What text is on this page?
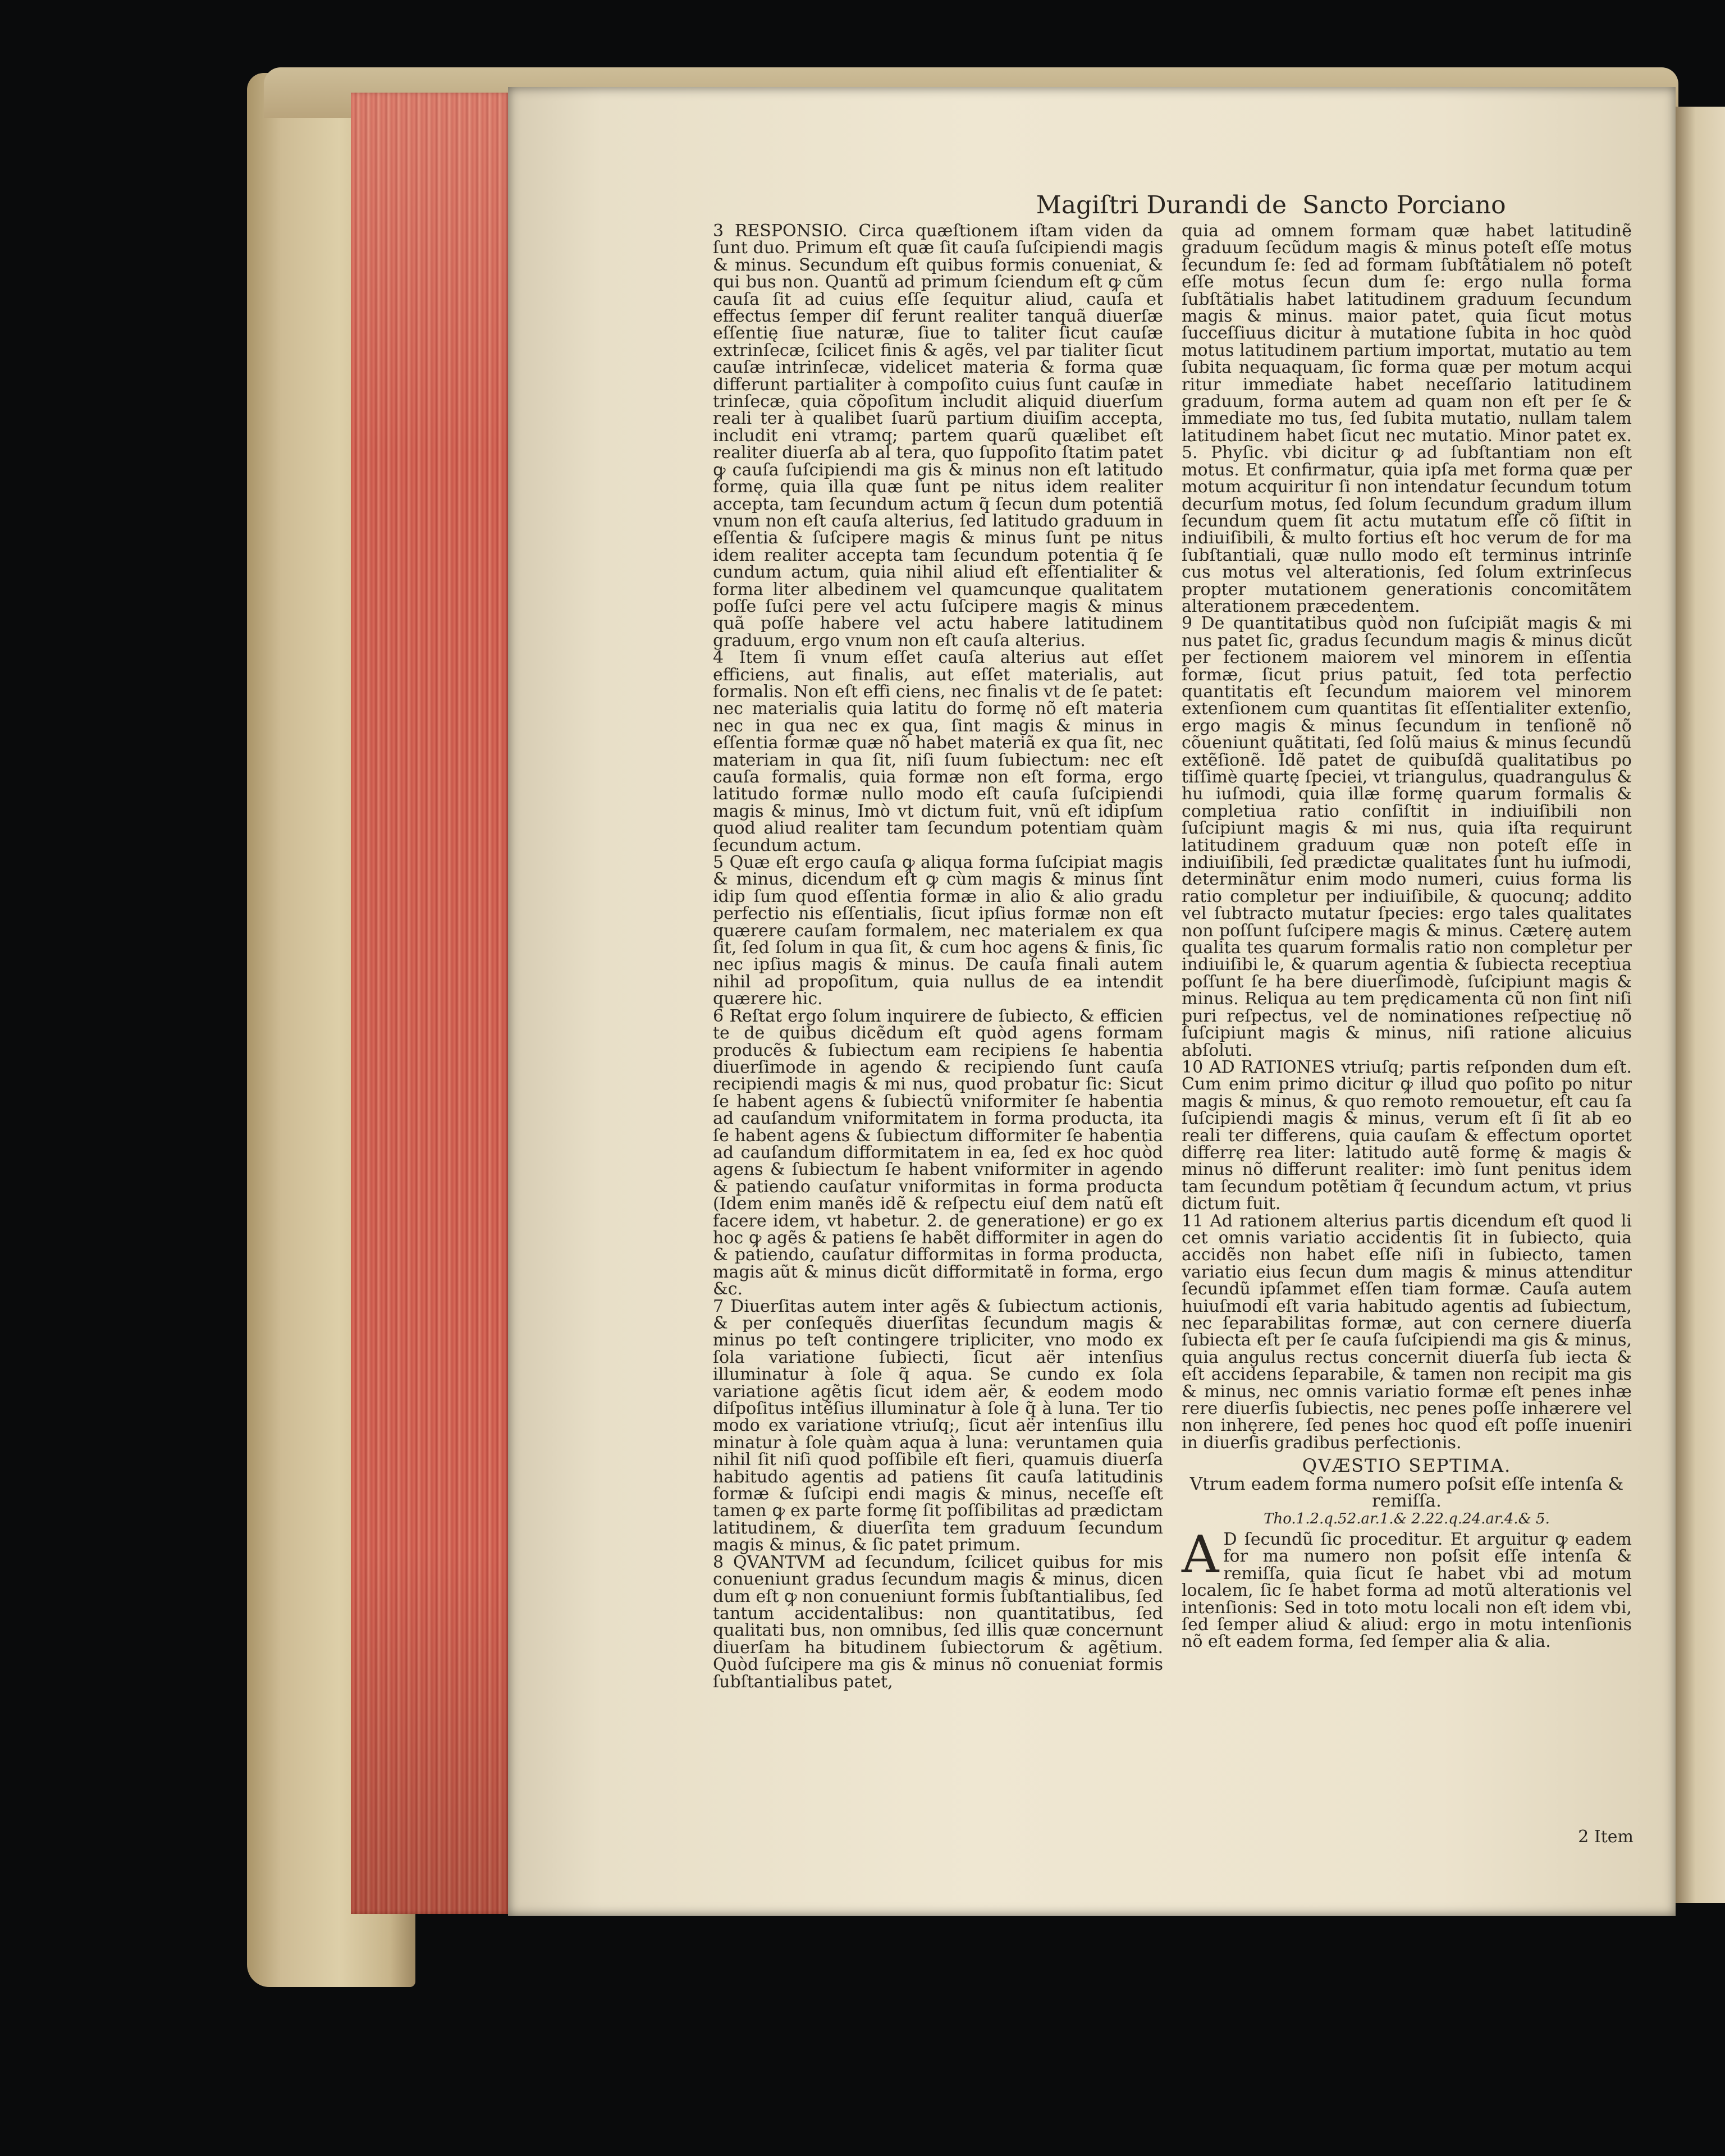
Magiſtri Durandi de Sancto Porciano

3 RESPONSIO. Circa quæſtionem iſtam viden da ſunt duo. Primum eſt quæ ſit cauſa ſuſcipiendi magis & minus. Secundum eſt quibus formis conueniat, & qui bus non. Quantũ ad primum ſciendum eſt ꝙ cũm cauſa ſit ad cuius eſſe ſequitur aliud, cauſa et effectus ſemper diſ ferunt realiter tanquã diuerſæ eſſentię ſiue naturæ, ſiue to taliter ſicut cauſæ extrinſecæ, ſcilicet finis & agẽs, vel par tialiter ſicut cauſæ intrinſecæ, videlicet materia & forma quæ differunt partialiter à compoſito cuius ſunt cauſæ in trinſecæ, quia cõpoſitum includit aliquid diuerſum reali ter à qualibet ſuarũ partium diuiſim accepta, includit eni vtramq; partem quarũ quælibet eſt realiter diuerſa ab al tera, quo ſuppoſito ſtatim patet ꝙ cauſa ſuſcipiendi ma gis & minus non eſt latitudo formę, quia illa quæ ſunt pe nitus idem realiter accepta, tam ſecundum actum q̃ ſecun dum potentiã vnum non eſt cauſa alterius, ſed latitudo graduum in eſſentia & ſuſcipere magis & minus ſunt pe nitus idem realiter accepta tam ſecundum potentia q̃ ſe cundum actum, quia nihil aliud eſt eſſentialiter & forma liter albedinem vel quamcunque qualitatem poſſe ſuſci pere vel actu ſuſcipere magis & minus quã poſſe habere vel actu habere latitudinem graduum, ergo vnum non eſt cauſa alterius.

4 Item ſi vnum eſſet cauſa alterius aut eſſet efficiens, aut finalis, aut eſſet materialis, aut formalis. Non eſt effi ciens, nec finalis vt de ſe patet: nec materialis quia latitu do formę nõ eſt materia nec in qua nec ex qua, ſint magis & minus in eſſentia formæ quæ nõ habet materiã ex qua ſit, nec materiam in qua ſit, niſi ſuum ſubiectum: nec eſt cauſa formalis, quia formæ non eſt forma, ergo latitudo formæ nullo modo eſt cauſa ſuſcipiendi magis & minus, Imò vt dictum fuit, vnũ eſt idipſum quod aliud realiter tam ſecundum potentiam quàm ſecundum actum.

5 Quæ eſt ergo cauſa ꝙ aliqua forma ſuſcipiat magis & minus, dicendum eſt ꝙ cùm magis & minus ſint idip ſum quod eſſentia formæ in alio & alio gradu perfectio nis eſſentialis, ſicut ipſius formæ non eſt quærere cauſam formalem, nec materialem ex qua ſit, ſed ſolum in qua ſit, & cum hoc agens & finis, ſic nec ipſius magis & minus. De cauſa finali autem nihil ad propoſitum, quia nullus de ea intendit quærere hic.

6 Reſtat ergo ſolum inquirere de ſubiecto, & efficien te de quibus dicẽdum eſt quòd agens formam producẽs & ſubiectum eam recipiens ſe habentia diuerſimode in agendo & recipiendo ſunt cauſa recipiendi magis & mi nus, quod probatur ſic: Sicut ſe habent agens & ſubiectũ vniformiter ſe habentia ad cauſandum vniformitatem in forma producta, ita ſe habent agens & ſubiectum difformiter ſe habentia ad cauſandum difformitatem in ea, ſed ex hoc quòd agens & ſubiectum ſe habent vniformiter in agendo & patiendo cauſatur vniformitas in forma producta (Idem enim manẽs idẽ & reſpectu eiuſ dem natũ eſt facere idem, vt habetur. 2. de generatione) er go ex hoc ꝙ agẽs & patiens ſe habẽt difformiter in agen do & patiendo, cauſatur difformitas in forma producta, magis aũt & minus dicũt difformitatẽ in forma, ergo &c.

7 Diuerſitas autem inter agẽs & ſubiectum actionis, & per conſequẽs diuerſitas ſecundum magis & minus po teſt contingere tripliciter, vno modo ex ſola variatione ſubiecti, ſicut aër intenſius illuminatur à ſole q̃ aqua. Se cundo ex ſola variatione agẽtis ſicut idem aër, & eodem modo diſpoſitus intẽſius illuminatur à ſole q̃ à luna. Ter tio modo ex variatione vtriuſq;, ſicut aër intenſius illu minatur à ſole quàm aqua à luna: veruntamen quia nihil ſit niſi quod poſſibile eſt fieri, quamuis diuerſa habitudo agentis ad patiens ſit cauſa latitudinis formæ & ſuſcipi endi magis & minus, neceſſe eſt tamen ꝙ ex parte formę ſit poſſibilitas ad prædictam latitudinem, & diuerſita tem graduum ſecundum magis & minus, & ſic patet primum.

8 QVANTVM ad ſecundum, ſcilicet quibus for mis conueniunt gradus ſecundum magis & minus, dicen dum eſt ꝙ non conueniunt formis ſubſtantialibus, ſed tantum accidentalibus: non quantitatibus, ſed qualitati bus, non omnibus, ſed illis quæ concernunt diuerſam ha bitudinem ſubiectorum & agẽtium. Quòd ſuſcipere ma gis & minus nõ conueniat formis ſubſtantialibus patet,

quia ad omnem formam quæ habet latitudinẽ graduum ſecũdum magis & minus poteſt eſſe motus ſecundum ſe: ſed ad formam ſubſtãtialem nõ poteſt eſſe motus ſecun dum ſe: ergo nulla forma ſubſtãtialis habet latitudinem graduum ſecundum magis & minus. maior patet, quia ſicut motus ſucceſſiuus dicitur à mutatione ſubita in hoc quòd motus latitudinem partium importat, mutatio au tem ſubita nequaquam, ſic forma quæ per motum acqui ritur immediate habet neceſſario latitudinem graduum, forma autem ad quam non eſt per ſe & immediate mo tus, ſed ſubita mutatio, nullam talem latitudinem habet ſicut nec mutatio. Minor patet ex. 5. Phyſic. vbi dicitur ꝙ ad ſubſtantiam non eſt motus. Et confirmatur, quia ipſa met forma quæ per motum acquiritur ſi non intendatur ſecundum totum decurſum motus, ſed ſolum ſecundum gradum illum ſecundum quem ſit actu mutatum eſſe cõ ſiſtit in indiuiſibili, & multo fortius eſt hoc verum de for ma ſubſtantiali, quæ nullo modo eſt terminus intrinſe cus motus vel alterationis, ſed ſolum extrinſecus propter mutationem generationis concomitãtem alterationem præcedentem.

9 De quantitatibus quòd non ſuſcipiãt magis & mi nus patet ſic, gradus ſecundum magis & minus dicũt per fectionem maiorem vel minorem in eſſentia formæ, ſicut prius patuit, ſed tota perfectio quantitatis eſt ſecundum maiorem vel minorem extenſionem cum quantitas ſit eſſentialiter extenſio, ergo magis & minus ſecundum in tenſionẽ nõ cõueniunt quãtitati, ſed ſolũ maius & minus ſecundũ extẽſionẽ. Idẽ patet de quibuſdã qualitatibus po tiſſimè quartę ſpeciei, vt triangulus, quadrangulus & hu iuſmodi, quia illæ formę quarum formalis & completiua ratio conſiſtit in indiuiſibili non ſuſcipiunt magis & mi nus, quia iſta requirunt latitudinem graduum quæ non poteſt eſſe in indiuiſibili, ſed prædictæ qualitates ſunt hu iuſmodi, determinãtur enim modo numeri, cuius forma lis ratio completur per indiuiſibile, & quocunq; addito vel ſubtracto mutatur ſpecies: ergo tales qualitates non poſſunt ſuſcipere magis & minus. Cæterę autem qualita tes quarum formalis ratio non completur per indiuiſibi le, & quarum agentia & ſubiecta receptiua poſſunt ſe ha bere diuerſimodè, ſuſcipiunt magis & minus. Reliqua au tem prędicamenta cũ non ſint niſi puri reſpectus, vel de nominationes reſpectiuę nõ ſuſcipiunt magis & minus, niſi ratione alicuius abſoluti.

10 AD RATIONES vtriuſq; partis reſponden dum eſt. Cum enim primo dicitur ꝙ illud quo poſito po nitur magis & minus, & quo remoto remouetur, eſt cau ſa ſuſcipiendi magis & minus, verum eſt ſi ſit ab eo reali ter differens, quia cauſam & effectum oportet differrę rea liter: latitudo autẽ formę & magis & minus nõ differunt realiter: imò ſunt penitus idem tam ſecundum potẽtiam q̃ ſecundum actum, vt prius dictum fuit.

11 Ad rationem alterius partis dicendum eſt quod li cet omnis variatio accidentis ſit in ſubiecto, quia accidẽs non habet eſſe niſi in ſubiecto, tamen variatio eius ſecun dum magis & minus attenditur ſecundũ ipſammet eſſen tiam formæ. Cauſa autem huiuſmodi eſt varia habitudo agentis ad ſubiectum, nec ſeparabilitas formæ, aut con cernere diuerſa ſubiecta eſt per ſe cauſa ſuſcipiendi ma gis & minus, quia angulus rectus concernit diuerſa ſub iecta & eſt accidens ſeparabile, & tamen non recipit ma gis & minus, nec omnis variatio formæ eſt penes inhæ rere diuerſis ſubiectis, nec penes poſſe inhærere vel non inhęrere, ſed penes hoc quod eſt poſſe inueniri in diuerſis gradibus perfectionis.

QVÆSTIO SEPTIMA.
Vtrum eadem forma numero poſsit eſſe intenſa & remiſſa.
Tho.1.2.q.52.ar.1.& 2.22.q.24.ar.4.& 5.

A D ſecundũ ſic proceditur. Et arguitur ꝙ eadem for ma numero non poſsit eſſe intenſa & remiſſa, quia ſicut ſe habet vbi ad motum localem, ſic ſe habet forma ad motũ alterationis vel intenſionis: Sed in toto motu locali non eſt idem vbi, ſed ſemper aliud & aliud: ergo in motu intenſionis nõ eſt eadem forma, ſed ſemper alia & alia.

2 Item
